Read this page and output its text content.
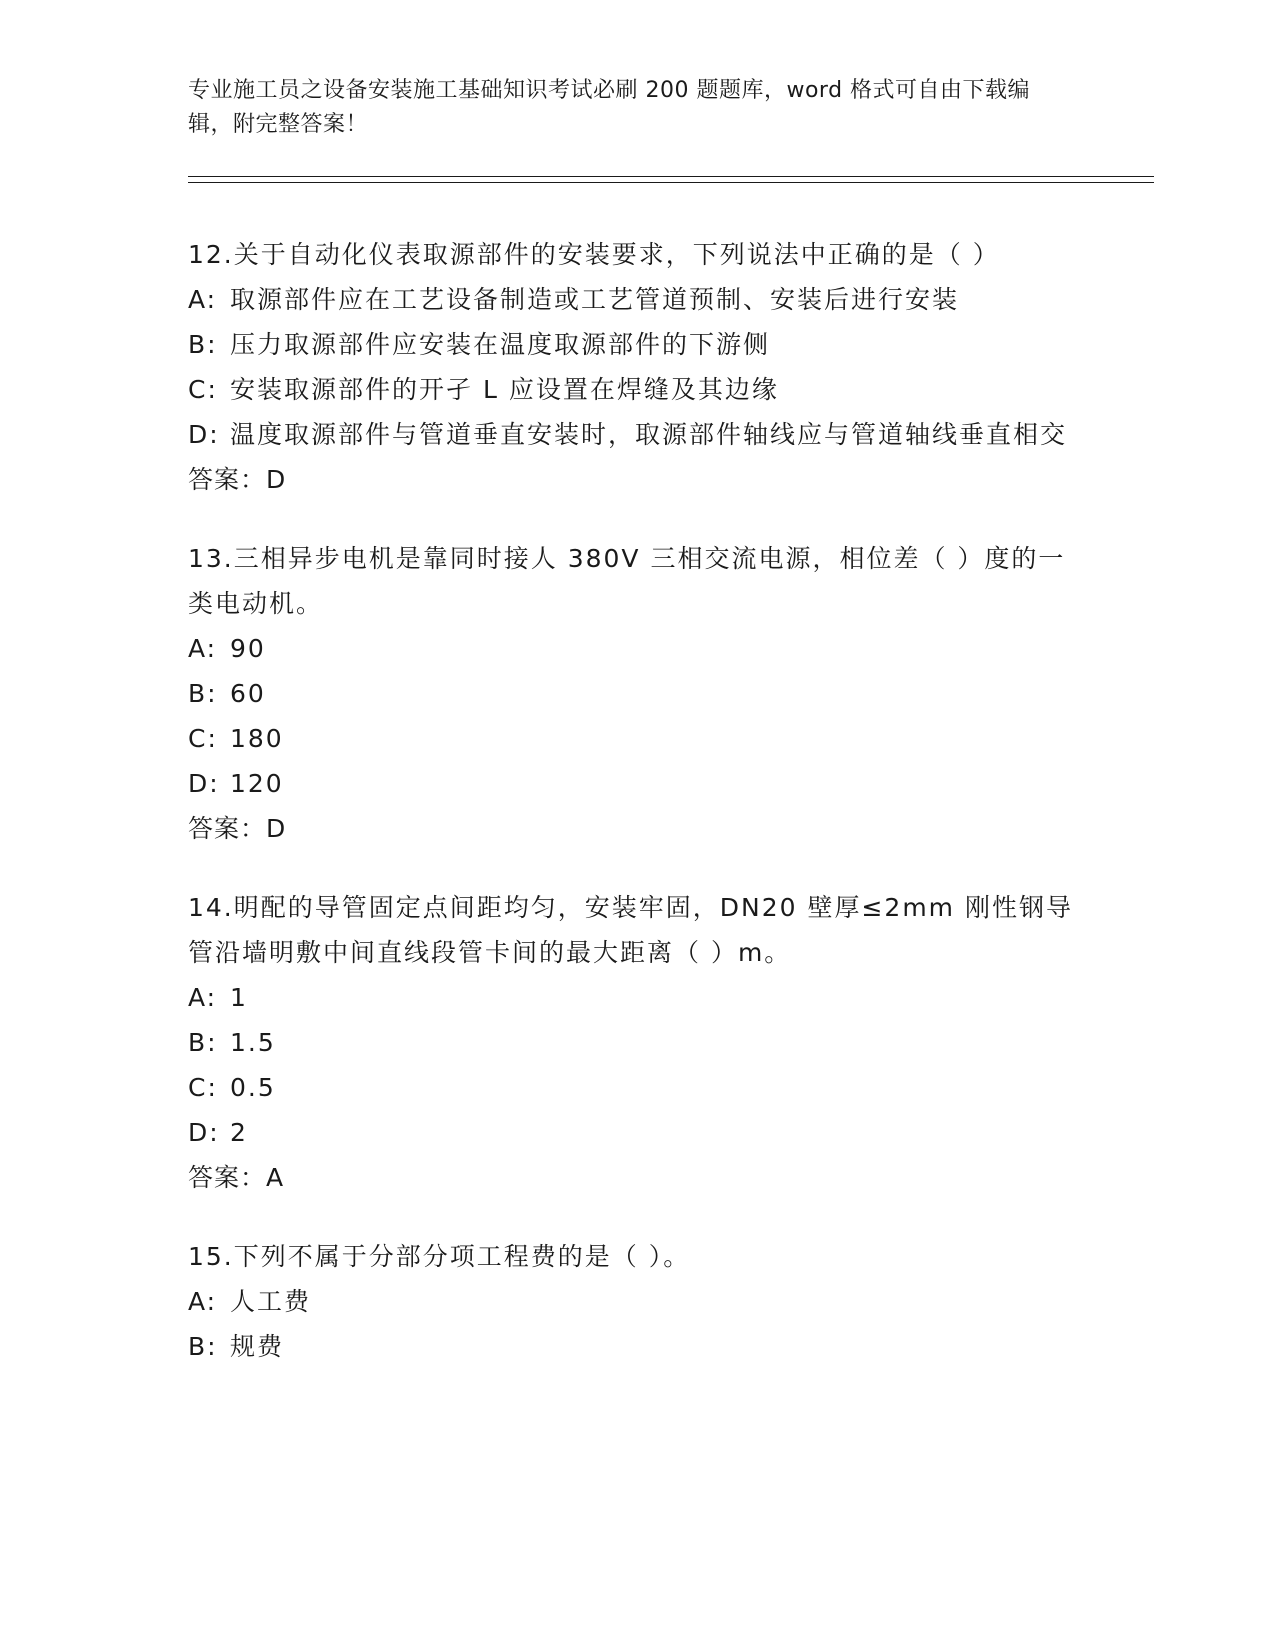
专业施工员之设备安装施工基础知识考试必刷 200 题题库，word 格式可自由下载编辑，附完整答案！

12.关于自动化仪表取源部件的安装要求，下列说法中正确的是（ ）

A: 取源部件应在工艺设备制造或工艺管道预制、安装后进行安装

B: 压力取源部件应安装在温度取源部件的下游侧

C: 安装取源部件的开孑 L 应设置在焊缝及其边缘

D: 温度取源部件与管道垂直安装时，取源部件轴线应与管道轴线垂直相交

答案：D

13.三相异步电机是靠同时接人 380V 三相交流电源，相位差（ ）度的一类电动机。

A: 90

B: 60

C: 180

D: 120

答案：D

14.明配的导管固定点间距均匀，安装牢固，DN20 壁厚≤2mm 刚性钢导管沿墙明敷中间直线段管卡间的最大距离（ ）m。

A: 1

B: 1.5

C: 0.5

D: 2

答案：A

15.下列不属于分部分项工程费的是（ ）。

A: 人工费

B: 规费
